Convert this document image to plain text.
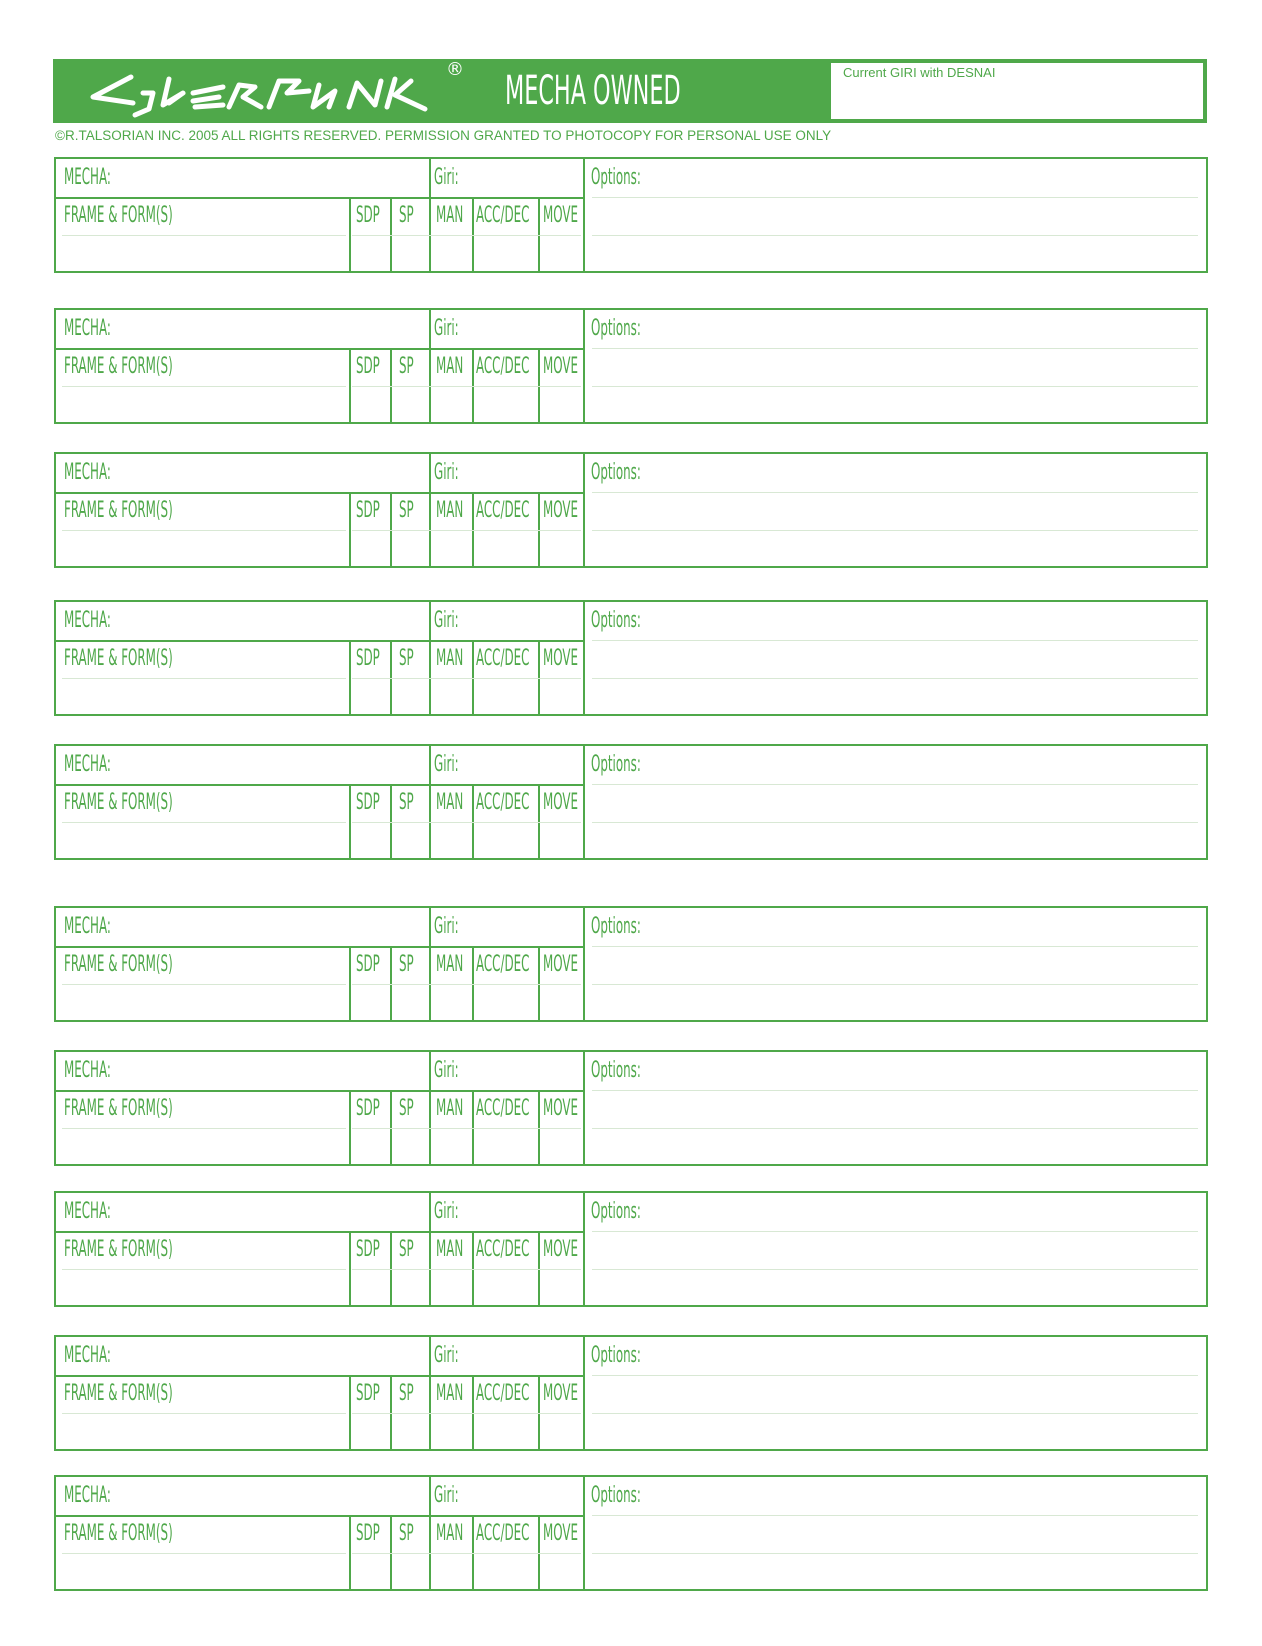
® MECHA OWNED	Current GIRI with DESNAI
©R.TALSORIAN INC. 2005 ALL RIGHTS RESERVED. PERMISSION GRANTED TO PHOTOCOPY FOR PERSONAL USE ONLY
MECHA:	Giri:	Options:
FRAME & FORM(S)	SDP SP MAN ACC/DEC MOVE
MECHA:	Giri:	Options:
FRAME & FORM(S)	SDP SP MAN ACC/DEC MOVE
MECHA:	Giri:	Options:
FRAME & FORM(S)	SDP SP MAN ACC/DEC MOVE
MECHA:	Giri:	Options:
FRAME & FORM(S)	SDP SP MAN ACC/DEC MOVE
MECHA:	Giri:	Options:
FRAME & FORM(S)	SDP SP MAN ACC/DEC MOVE
MECHA:	Giri:	Options:
FRAME & FORM(S)	SDP SP MAN ACC/DEC MOVE
MECHA:	Giri:	Options:
FRAME & FORM(S)	SDP SP MAN ACC/DEC MOVE
MECHA:	Giri:	Options:
FRAME & FORM(S)	SDP SP MAN ACC/DEC MOVE
MECHA:	Giri:	Options:
FRAME & FORM(S)	SDP SP MAN ACC/DEC MOVE
MECHA:	Giri:	Options:
FRAME & FORM(S)	SDP SP MAN ACC/DEC MOVE
